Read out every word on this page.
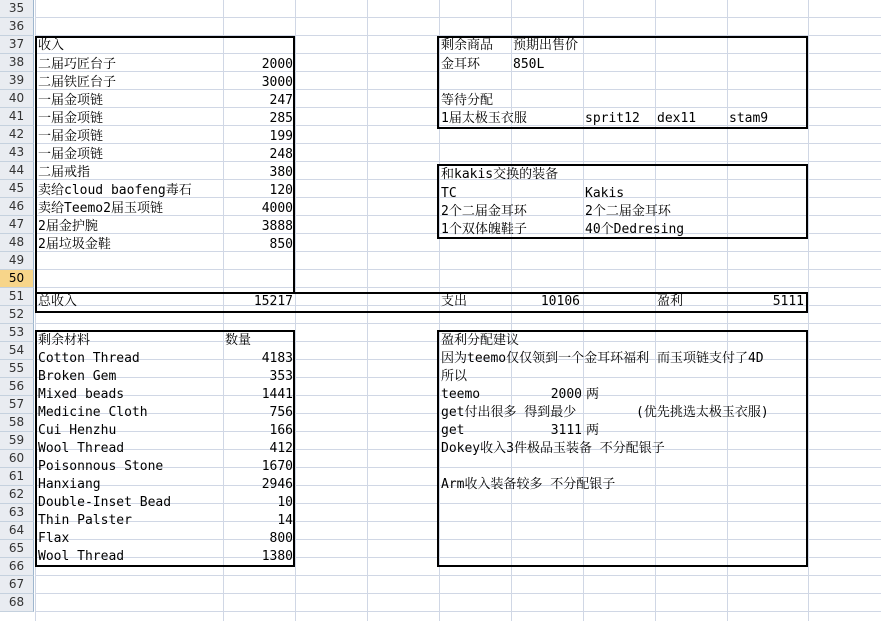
35
36
37
38
39
40
41
42
43
44
45
46
47
48
49
50
51
52
53
54
55
56
57
58
59
60
61
62
63
64
65
66
67
68
收入
二届巧匠台子	2000
二届铁匠台子	3000
一届金项链	247
一届金项链	285
一届金项链	199
一届金项链	248
二届戒指	380
卖给cloud baofeng毒石	120
卖给Teemo2届玉项链	4000
2届金护腕	3888
2届垃圾金鞋	850
总收入	15217
剩余商品 预期出售价
金耳环	850L
等待分配
1届太极玉衣服	sprit12 dex11	stam9
和kakis交换的装备
TC	Kakis
2个二届金耳环	2个二届金耳环
1个双体魄鞋子	40个Dedresing
支出	10106	盈利	5111
剩余材料	数量
Cotton Thread	4183
Broken Gem	353
Mixed beads	1441
Medicine Cloth	756
Cui Henzhu	166
Wool Thread	412
Poisonnous Stone	1670
Hanxiang	2946
Double-Inset Bead	10
Thin Palster	14
Flax	800
Wool Thread	1380
盈利分配建议
因为teemo仅仅领到一个金耳环福利 而玉项链支付了4D
所以
teemo	2000 两
get付出很多 得到最少	(优先挑选太极玉衣服)
get	3111 两
Dokey收入3件极品玉装备 不分配银子
Arm收入装备较多 不分配银子
